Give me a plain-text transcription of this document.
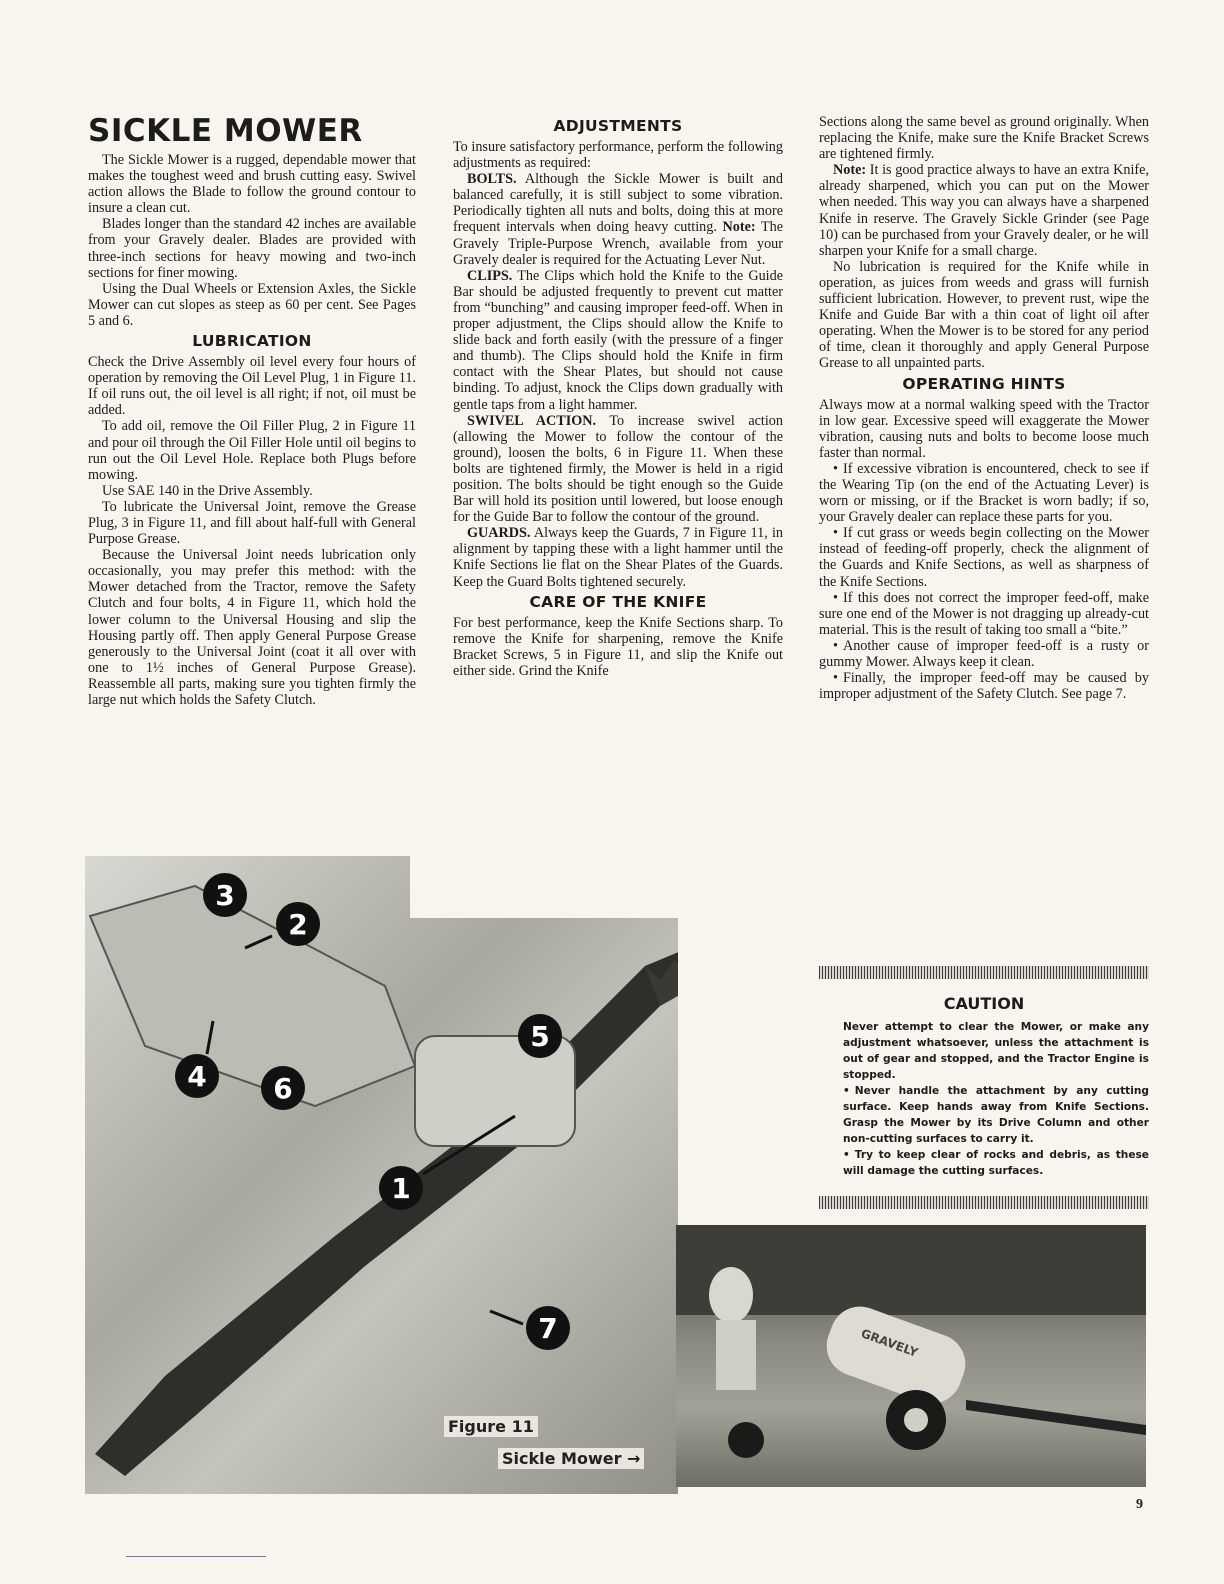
SICKLE MOWER

The Sickle Mower is a rugged, dependable mower that makes the toughest weed and brush cutting easy. Swivel action allows the Blade to follow the ground contour to insure a clean cut.

Blades longer than the standard 42 inches are available from your Gravely dealer. Blades are provided with three-inch sections for heavy mowing and two-inch sections for finer mowing.

Using the Dual Wheels or Extension Axles, the Sickle Mower can cut slopes as steep as 60 per cent. See Pages 5 and 6.

LUBRICATION

Check the Drive Assembly oil level every four hours of operation by removing the Oil Level Plug, 1 in Figure 11. If oil runs out, the oil level is all right; if not, oil must be added.

To add oil, remove the Oil Filler Plug, 2 in Figure 11 and pour oil through the Oil Filler Hole until oil begins to run out the Oil Level Hole. Replace both Plugs before mowing.

Use SAE 140 in the Drive Assembly.

To lubricate the Universal Joint, remove the Grease Plug, 3 in Figure 11, and fill about half-full with General Purpose Grease.

Because the Universal Joint needs lubrication only occasionally, you may prefer this method: with the Mower detached from the Tractor, remove the Safety Clutch and four bolts, 4 in Figure 11, which hold the lower column to the Universal Housing and slip the Housing partly off. Then apply General Purpose Grease generously to the Universal Joint (coat it all over with one to 1½ inches of General Purpose Grease). Reassemble all parts, making sure you tighten firmly the large nut which holds the Safety Clutch.

ADJUSTMENTS

To insure satisfactory performance, perform the following adjustments as required:

BOLTS. Although the Sickle Mower is built and balanced carefully, it is still subject to some vibration. Periodically tighten all nuts and bolts, doing this at more frequent intervals when doing heavy cutting. Note: The Gravely Triple-Purpose Wrench, available from your Gravely dealer is required for the Actuating Lever Nut.

CLIPS. The Clips which hold the Knife to the Guide Bar should be adjusted frequently to prevent cut matter from “bunching” and causing improper feed-off. When in proper adjustment, the Clips should allow the Knife to slide back and forth easily (with the pressure of a finger and thumb). The Clips should hold the Knife in firm contact with the Shear Plates, but should not cause binding. To adjust, knock the Clips down gradually with gentle taps from a light hammer.

SWIVEL ACTION. To increase swivel action (allowing the Mower to follow the contour of the ground), loosen the bolts, 6 in Figure 11. When these bolts are tightened firmly, the Mower is held in a rigid position. The bolts should be tight enough so the Guide Bar will hold its position until lowered, but loose enough for the Guide Bar to follow the contour of the ground.

GUARDS. Always keep the Guards, 7 in Figure 11, in alignment by tapping these with a light hammer until the Knife Sections lie flat on the Shear Plates of the Guards. Keep the Guard Bolts tightened securely.

CARE OF THE KNIFE

For best performance, keep the Knife Sections sharp. To remove the Knife for sharpening, remove the Knife Bracket Screws, 5 in Figure 11, and slip the Knife out either side. Grind the Knife

Sections along the same bevel as ground originally. When replacing the Knife, make sure the Knife Bracket Screws are tightened firmly.

Note: It is good practice always to have an extra Knife, already sharpened, which you can put on the Mower when needed. This way you can always have a sharpened Knife in reserve. The Gravely Sickle Grinder (see Page 10) can be purchased from your Gravely dealer, or he will sharpen your Knife for a small charge.

No lubrication is required for the Knife while in operation, as juices from weeds and grass will furnish sufficient lubrication. However, to prevent rust, wipe the Knife and Guide Bar with a thin coat of light oil after operating. When the Mower is to be stored for any period of time, clean it thoroughly and apply General Purpose Grease to all unpainted parts.

OPERATING HINTS

Always mow at a normal walking speed with the Tractor in low gear. Excessive speed will exaggerate the Mower vibration, causing nuts and bolts to become loose much faster than normal.

• If excessive vibration is encountered, check to see if the Wearing Tip (on the end of the Actuating Lever) is worn or missing, or if the Bracket is worn badly; if so, your Gravely dealer can replace these parts for you.

• If cut grass or weeds begin collecting on the Mower instead of feeding-off properly, check the alignment of the Guards and Knife Sections, as well as sharpness of the Knife Sections.

• If this does not correct the improper feed-off, make sure one end of the Mower is not dragging up already-cut material. This is the result of taking too small a “bite.”

• Another cause of improper feed-off is a rusty or gummy Mower. Always keep it clean.

• Finally, the improper feed-off may be caused by improper adjustment of the Safety Clutch. See page 7.

CAUTION

Never attempt to clear the Mower, or make any adjustment whatsoever, unless the attachment is out of gear and stopped, and the Tractor Engine is stopped.

• Never handle the attachment by any cutting surface. Keep hands away from Knife Sections. Grasp the Mower by its Drive Column and other non-cutting surfaces to carry it.

• Try to keep clear of rocks and debris, as these will damage the cutting surfaces.

3
2
4 6
5
1
7
Figure 11
Sickle Mower →
GRAVELY
9
